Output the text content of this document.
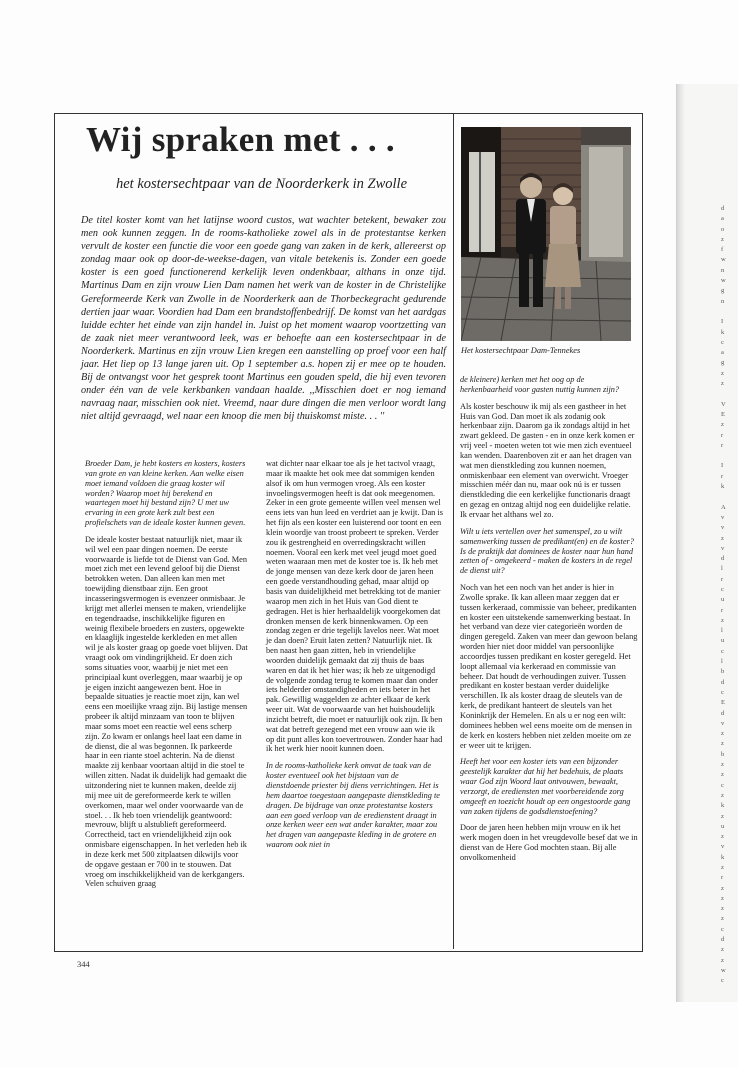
d
a
o
z
f
w
n
w
g
n

I
k
c
a
g
z
z

V
E
z
r
r

I
r
k

A
v
v
z
v
d
l
r
c
u
r
z
l
u
c
l
b
d
c
E
d
v
z
z
b
z
z
c
z
k
z
u
z
v
k
z
r
z
z
z
z
c
d
z
z
w
c
Wij spraken met . . .
het kostersechtpaar van de Noorderkerk in Zwolle

De titel koster komt van het latijnse woord custos, wat wachter betekent, bewaker zou men ook kunnen zeggen. In de rooms-katholieke zowel als in de protestantse kerken vervult de koster een functie die voor een goede gang van zaken in de kerk, allereerst op zondag maar ook op door-de-weekse-dagen, van vitale betekenis is. Zonder een goede koster is een goed functionerend kerkelijk leven ondenkbaar, althans in onze tijd. Martinus Dam en zijn vrouw Lien Dam namen het werk van de koster in de Christelijke Gereformeerde Kerk van Zwolle in de Noorderkerk aan de Thorbeckegracht gedurende dertien jaar waar. Voordien had Dam een brandstoffenbedrijf. De komst van het aardgas luidde echter het einde van zijn handel in. Juist op het moment waarop voortzetting van de zaak niet meer verantwoord leek, was er behoefte aan een kostersechtpaar in de Noorderkerk. Martinus en zijn vrouw Lien kregen een aanstelling op proef voor een half jaar. Het liep op 13 lange jaren uit. Op 1 september a.s. hopen zij er mee op te houden. Bij de ontvangst voor het gesprek toont Martinus een gouden speld, die hij even tevoren onder één van de vele kerkbanken vandaan haalde. ,,Misschien doet er nog iemand navraag naar, misschien ook niet. Vreemd, naar dure dingen die men verloor wordt lang niet altijd gevraagd, wel naar een knoop die men bij thuiskomst miste. . . ''

Broeder Dam, je hebt kosters en kosters, kosters van grote en van kleine kerken. Aan welke eisen moet iemand voldoen die graag koster wil worden? Waarop moet hij berekend en waartegen moet hij bestand zijn? U met uw ervaring in een grote kerk zult best een profielschets van de ideale koster kunnen geven.

De ideale koster bestaat natuurlijk niet, maar ik wil wel een paar dingen noemen. De eerste voorwaarde is liefde tot de Dienst van God. Men moet zich met een levend geloof bij die Dienst betrokken weten. Dan alleen kan men met toewijding dienstbaar zijn. Een groot incasseringsvermogen is evenzeer onmisbaar. Je krijgt met allerlei mensen te maken, vriendelijke en tegendraadse, inschikkelijke figuren en weinig flexibele broeders en zusters, opgewekte en klaaglijk ingestelde kerkleden en met allen wil je als koster graag op goede voet blijven. Dat vraagt ook om vindingrijkheid. Er doen zich soms situaties voor, waarbij je niet met een principiaal kunt overleggen, maar waarbij je op je eigen inzicht aangewezen bent. Hoe in bepaalde situaties je reactie moet zijn, kan wel eens een moeilijke vraag zijn. Bij lastige mensen probeer ik altijd minzaam van toon te blijven maar soms moet een reactie wel eens scherp zijn. Zo kwam er onlangs heel laat een dame in de dienst, die al was begonnen. Ik parkeerde haar in een riante stoel achterin. Na de dienst maakte zij kenbaar voortaan altijd in die stoel te willen zitten. Nadat ik duidelijk had gemaakt die uitzondering niet te kunnen maken, deelde zij mij mee uit de gereformeerde kerk te willen overkomen, maar wel onder voorwaarde van de stoel. . . Ik heb toen vriendelijk geantwoord: mevrouw, blijft u alstublieft gereformeerd. Correctheid, tact en vriendelijkheid zijn ook onmisbare eigenschappen. In het verleden heb ik in deze kerk met 500 zitplaatsen dikwijls voor de opgave gestaan er 700 in te stouwen. Dat vroeg om inschikkelijkheid van de kerkgangers. Velen schuiven graag

wat dichter naar elkaar toe als je het tactvol vraagt, maar ik maakte het ook mee dat sommigen kenden alsof ik om hun vermogen vroeg. Als een koster invoelingsvermogen heeft is dat ook meegenomen. Zeker in een grote gemeente willen veel mensen wel eens iets van hun leed en verdriet aan je kwijt. Dan is het fijn als een koster een luisterend oor toont en een klein woordje van troost probeert te spreken. Verder zou ik gestrengheid en overredingskracht willen noemen. Vooral een kerk met veel jeugd moet goed weten waaraan men met de koster toe is. Ik heb met de jonge mensen van deze kerk door de jaren heen een goede verstandhouding gehad, maar altijd op basis van duidelijkheid met betrekking tot de manier waarop men zich in het Huis van God dient te gedragen. Het is hier herhaaldelijk voorgekomen dat dronken mensen de kerk binnenkwamen. Op een zondag zegen er drie tegelijk lavelos neer. Wat moet je dan doen? Eruit laten zetten? Natuurlijk niet. Ik ben naast hen gaan zitten, heb in vriendelijke woorden duidelijk gemaakt dat zij thuis de baas waren en dat ik het hier was; ik heb ze uitgenodigd de volgende zondag terug te komen maar dan onder iets helderder omstandigheden en iets beter in het pak. Gewillig waggelden ze achter elkaar de kerk weer uit. Wat de voorwaarde van het huishoudelijk inzicht betreft, die moet er natuurlijk ook zijn. Ik ben wat dat betreft gezegend met een vrouw aan wie ik op dit punt alles kon toevertrouwen. Zonder haar had ik het werk hier nooit kunnen doen.

In de rooms-katholieke kerk omvat de taak van de koster eventueel ook het bijstaan van de dienstdoende priester bij diens verrichtingen. Het is hem daartoe toegestaan aangepaste dienstkleding te dragen. De bijdrage van onze protestantse kosters aan een goed verloop van de eredienstent draagt in onze kerken weer een wat ander karakter, maar zou het dragen van aangepaste kleding in de grotere en waarom ook niet in

Het kostersechtpaar Dam-Tennekes

de kleinere) kerken met het oog op de herkenbaarheid voor gasten nuttig kunnen zijn?

Als koster beschouw ik mij als een gastheer in het Huis van God. Dan moet ik als zodanig ook herkenbaar zijn. Daarom ga ik zondags altijd in het zwart gekleed. De gasten - en in onze kerk komen er vrij veel - moeten weten tot wie men zich eventueel kan wenden. Daarenboven zit er aan het dragen van wat men dienstkleding zou kunnen noemen, onmiskenbaar een element van overwicht. Vroeger misschien méér dan nu, maar ook nú is er tussen dienstkleding die een kerkelijke functionaris draagt en gezag en ontzag altijd nog een duidelijke relatie. Ik ervaar het althans wel zo.

Wilt u iets vertellen over het samenspel, zo u wilt samenwerking tussen de predikant(en) en de koster? Is de praktijk dat dominees de koster naar hun hand zetten of - omgekeerd - maken de kosters in de regel de dienst uit?

Noch van het een noch van het ander is hier in Zwolle sprake. Ik kan alleen maar zeggen dat er tussen kerkeraad, commissie van beheer, predikanten en koster een uitstekende samenwerking bestaat. In het verband van deze vier categorieën worden de dingen geregeld. Zaken van meer dan gewoon belang worden hier niet door middel van persoonlijke accoordjes tussen predikant en koster geregeld. Het loopt allemaal via kerkeraad en commissie van beheer. Dat houdt de verhoudingen zuiver. Tussen predikant en koster bestaan verder duidelijke verschillen. Ik als koster draag de sleutels van de kerk, de predikant hanteert de sleutels van het Koninkrijk der Hemelen. En als u er nog een wilt: dominees hebben wel eens moeite om de mensen in de kerk en kosters hebben niet zelden moeite om ze er weer uit te krijgen.

Heeft het voor een koster iets van een bijzonder geestelijk karakter dat hij het bedehuis, de plaats waar God zijn Woord laat ontvouwen, bewaakt, verzorgt, de erediensten met voorbereidende zorg omgeeft en toezicht houdt op een ongestoorde gang van zaken tijdens de godsdienstoefening?

Door de jaren heen hebben mijn vrouw en ik het werk mogen doen in het vreugdevolle besef dat we in dienst van de Here God mochten staan. Bij alle onvolkomenheid

344
